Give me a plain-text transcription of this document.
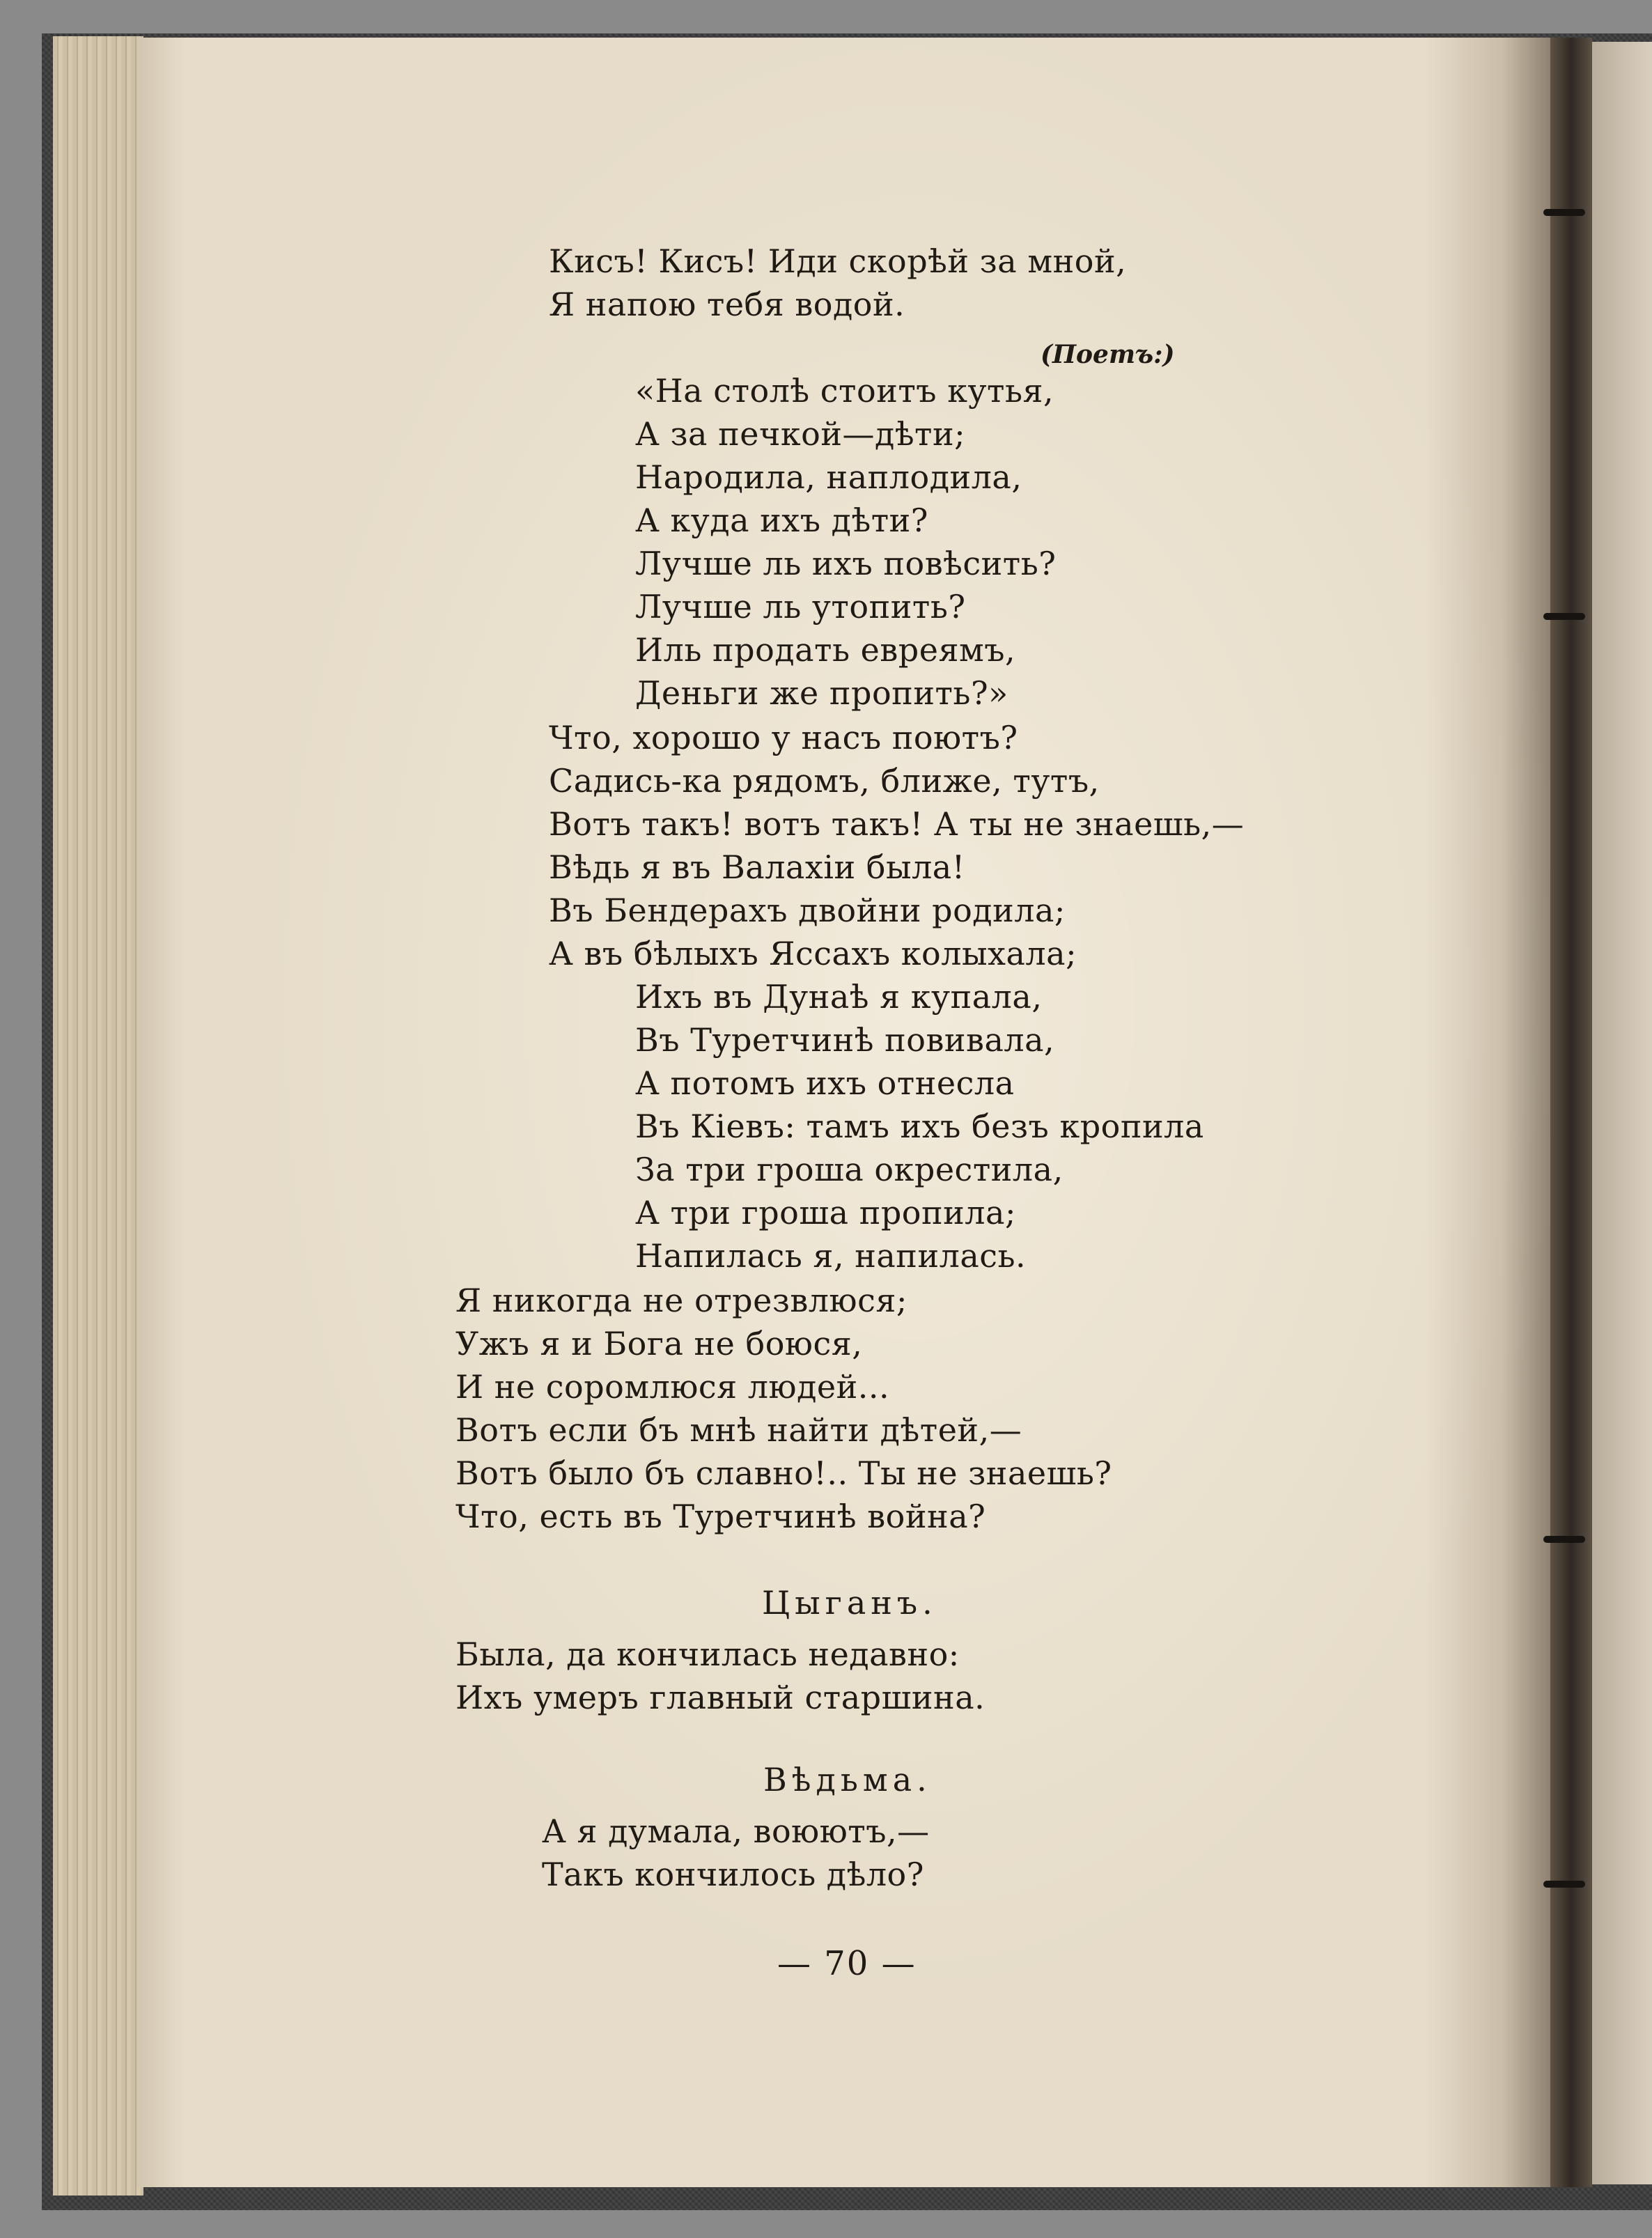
Кисъ! Кисъ! Иди скорѣй за мной,
Я напою тебя водой.
(Поетъ:)
«На столѣ стоитъ кутья,
А за печкой—дѣти;
Народила, наплодила,
А куда ихъ дѣти?
Лучше ль ихъ повѣсить?
Лучше ль утопить?
Иль продать евреямъ,
Деньги же пропить?»
Что, хорошо у насъ поютъ?
Садись-ка рядомъ, ближе, тутъ,
Вотъ такъ! вотъ такъ! А ты не знаешь,—
Вѣдь я въ Валахіи была!
Въ Бендерахъ двойни родила;
А въ бѣлыхъ Яссахъ колыхала;
Ихъ въ Дунаѣ я купала,
Въ Туретчинѣ повивала,
А потомъ ихъ отнесла
Въ Кіевъ: тамъ ихъ безъ кропила
За три гроша окрестила,
А три гроша пропила;
Напилась я, напилась.
Я никогда не отрезвлюся;
Ужъ я и Бога не боюся,
И не соромлюся людей...
Вотъ если бъ мнѣ найти дѣтей,—
Вотъ было бъ славно!.. Ты не знаешь?
Что, есть въ Туретчинѣ война?
Цыганъ.
Была, да кончилась недавно:
Ихъ умеръ главный старшина.
Вѣдьма.
А я думала, воюютъ,—
Такъ кончилось дѣло?
— 70 —
